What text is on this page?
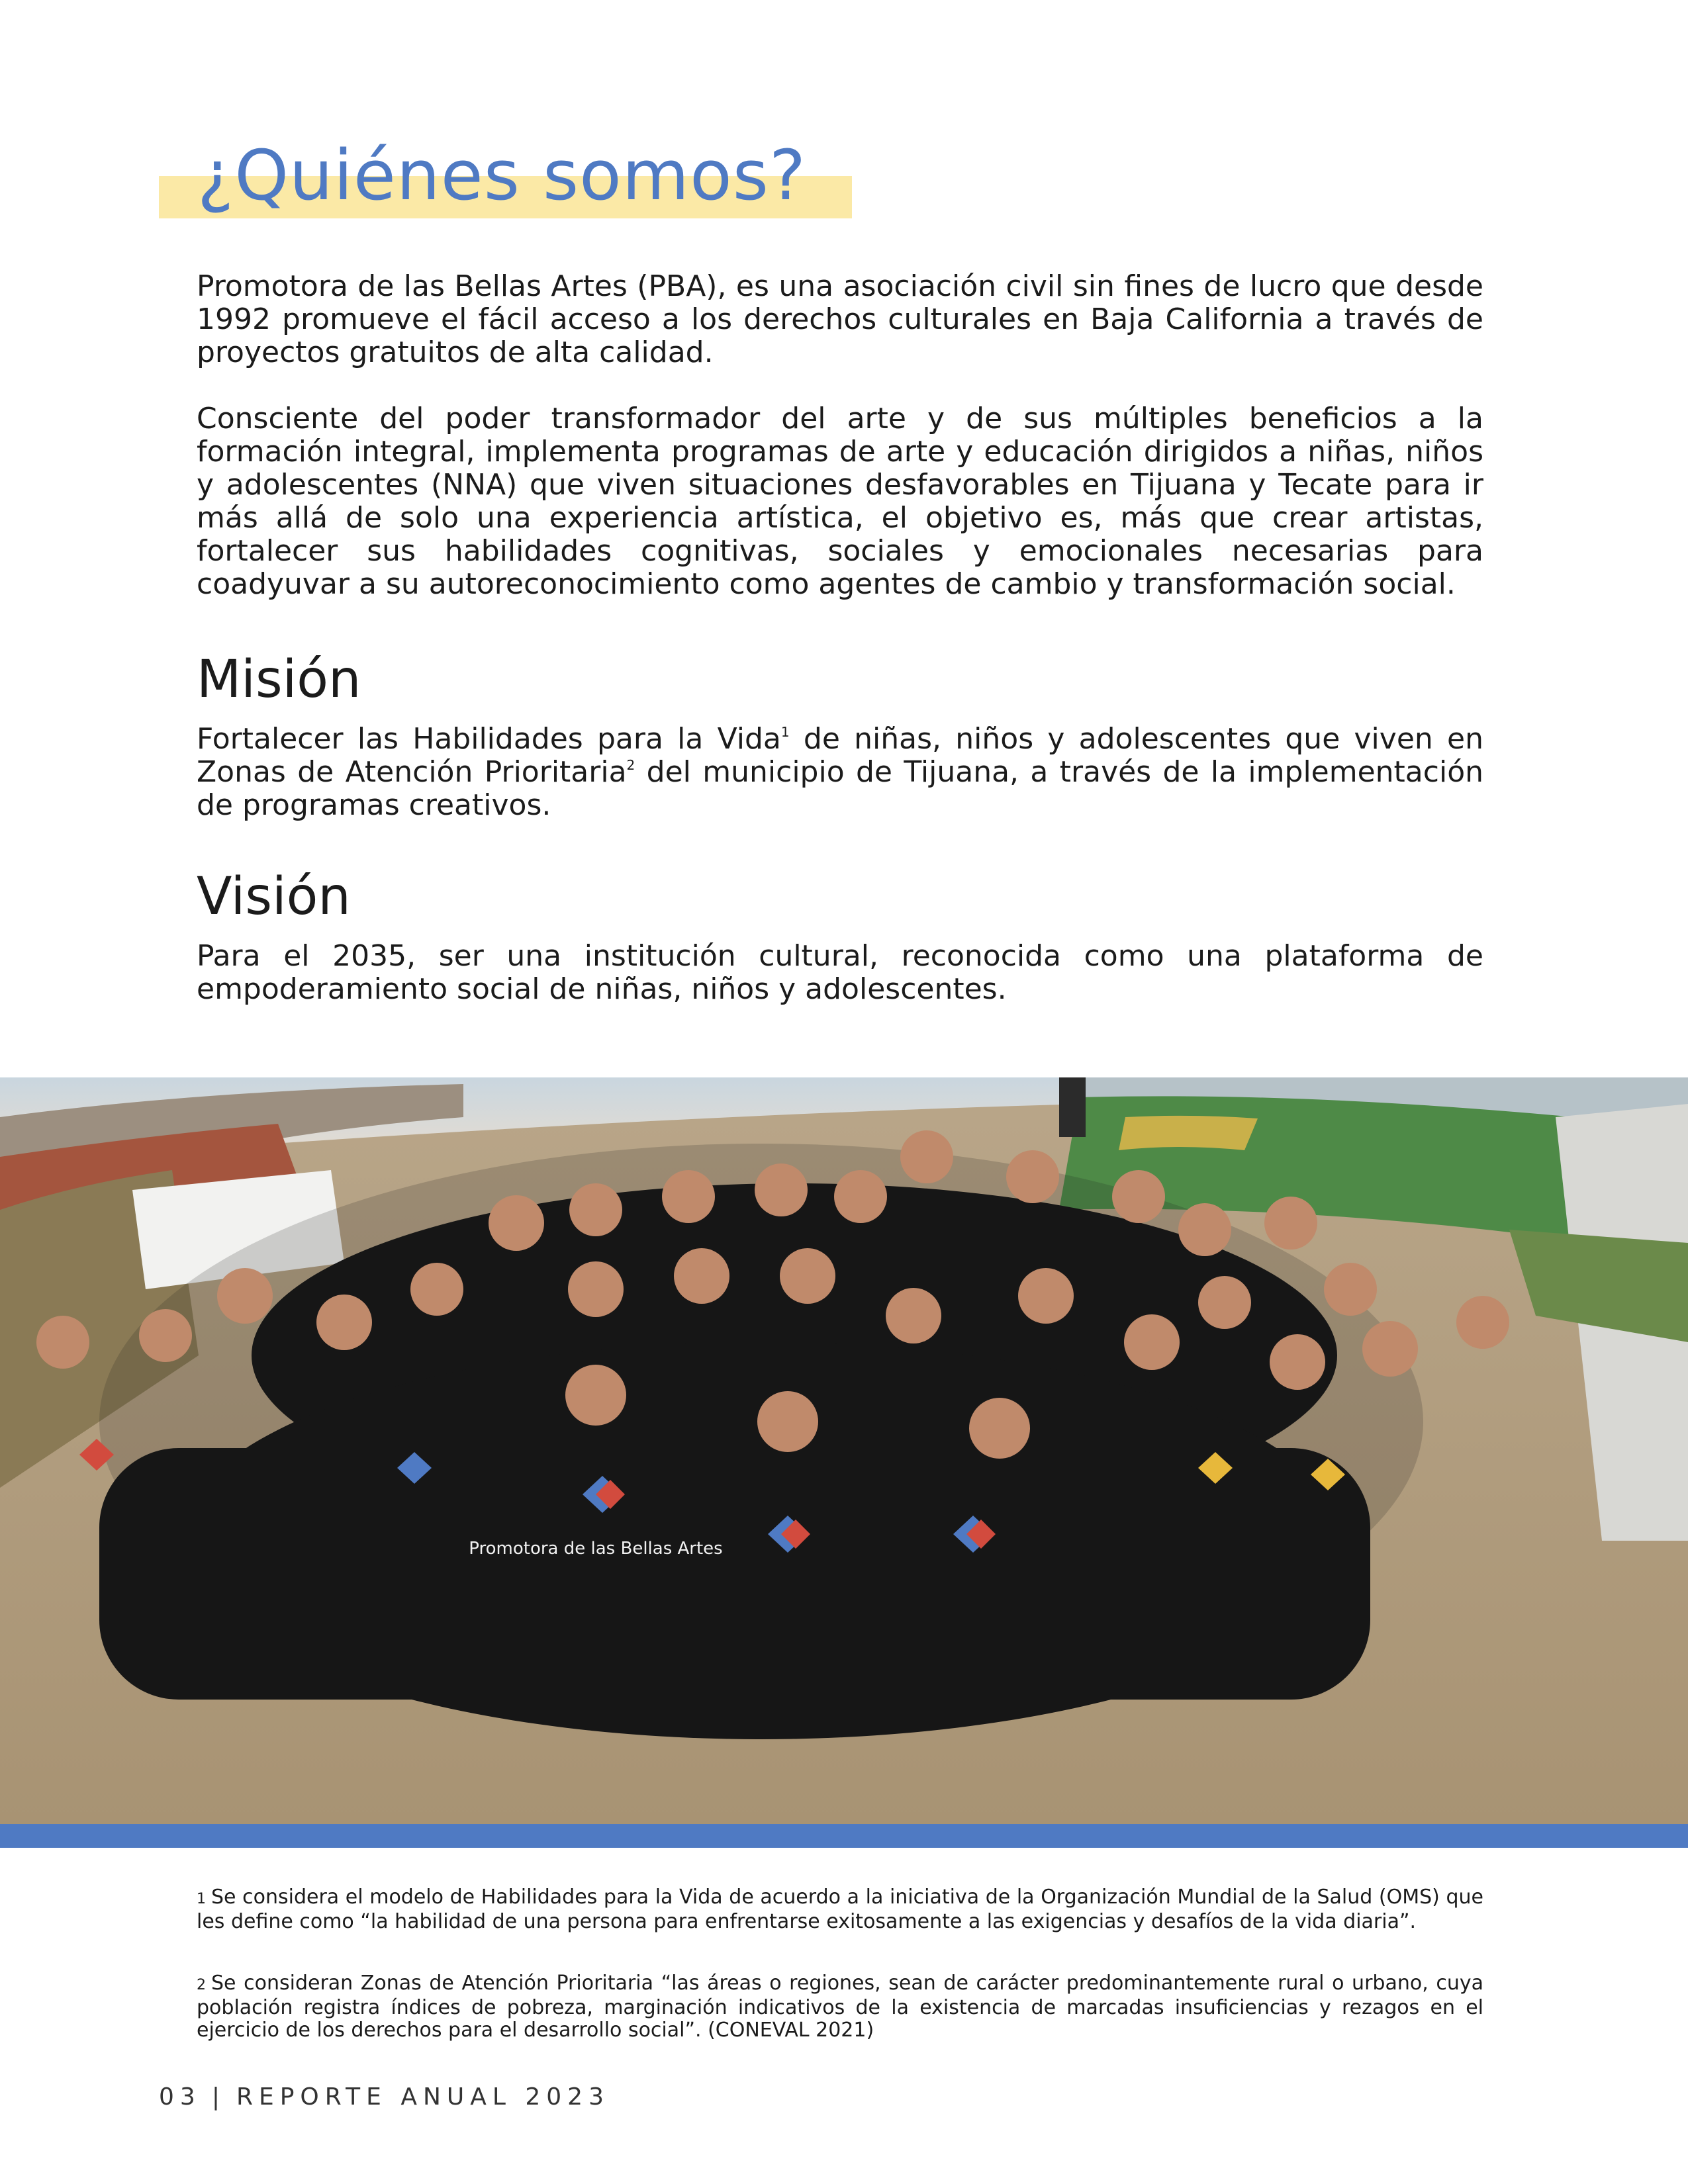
¿Quiénes somos?

Promotora de las Bellas Artes (PBA), es una asociación civil sin fines de lucro que desde 1992 promueve el fácil acceso a los derechos culturales en Baja California a través de proyectos gratuitos de alta calidad.

Consciente del poder transformador del arte y de sus múltiples beneficios a la formación integral, implementa programas de arte y educación dirigidos a niñas, niños y adolescentes (NNA) que viven situaciones desfavorables en Tijuana y Tecate para ir más allá de solo una experiencia artística, el objetivo es, más que crear artistas, fortalecer sus habilidades cognitivas, sociales y emocionales necesarias para coadyuvar a su autoreconocimiento como agentes de cambio y transformación social.

Misión

Fortalecer las Habilidades para la Vida$^1$ de niñas, niños y adolescentes que viven en Zonas de Atención Prioritaria$^2$ del municipio de Tijuana, a través de la implementación de programas creativos.

Visión

Para el 2035, ser una institución cultural, reconocida como una plataforma de empoderamiento social de niñas, niños y adolescentes.

Promotora de las Bellas Artes

1 Se considera el modelo de Habilidades para la Vida de acuerdo a la iniciativa de la Organización Mundial de la Salud (OMS) que les define como “la habilidad de una persona para enfrentarse exitosamente a las exigencias y desafíos de la vida diaria”.

2 Se consideran Zonas de Atención Prioritaria “las áreas o regiones, sean de carácter predominantemente rural o urbano, cuya población registra índices de pobreza, marginación indicativos de la existencia de marcadas insuficiencias y rezagos en el ejercicio de los derechos para el desarrollo social”. (CONEVAL 2021)

03 | REPORTE ANUAL 2023
